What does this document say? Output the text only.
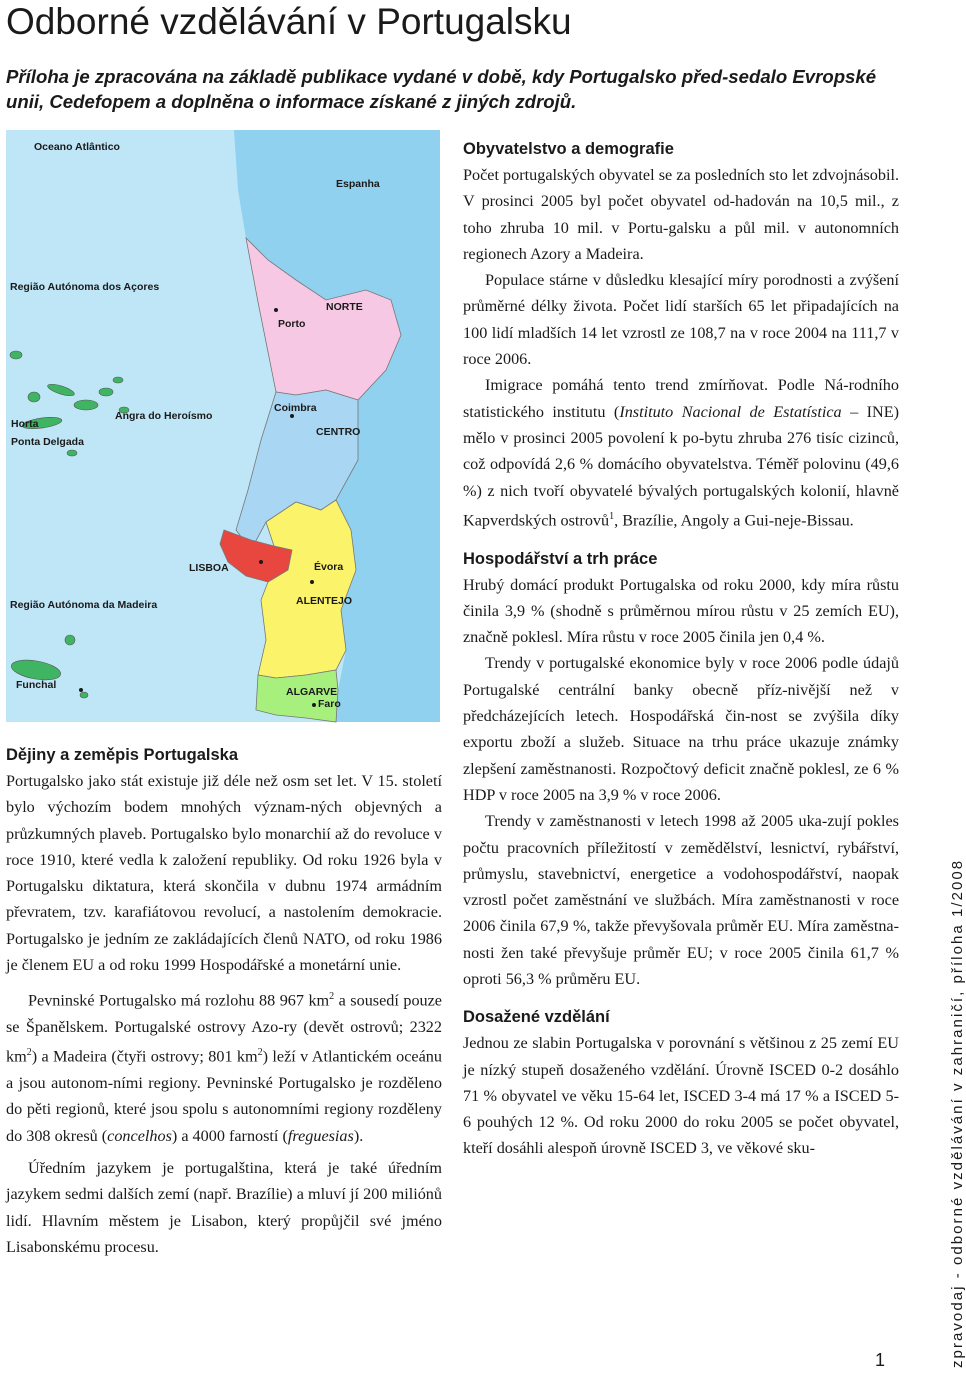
Odborné vzdělávání v Portugalsku
Příloha je zpracována na základě publikace vydané v době, kdy Portugalsko před-sedalo Evropské unii, Cedefopem a doplněna o informace získané z jiných zdrojů.
Oceano Atlântico
Espanha
Região Autónoma dos Açores
NORTE
Porto
Angra do Heroísmo
Horta
Ponta Delgada
Coimbra
CENTRO
LISBOA	Évora
ALENTEJO
Região Autónoma da Madeira
Funchal
ALGARVE
Faro
Dějiny a zeměpis Portugalska

Portugalsko jako stát existuje již déle než osm set let. V 15. století bylo výchozím bodem mnohých význam-ných objevných a průzkumných plaveb. Portugalsko bylo monarchií až do revoluce v roce 1910, které vedla k založení republiky. Od roku 1926 byla v Portugalsku diktatura, která skončila v dubnu 1974 armádním převratem, tzv. karafiátovou revolucí, a nastolením demokracie. Portugalsko je jedním ze zakládajících členů NATO, od roku 1986 je členem EU a od roku 1999 Hospodářské a monetární unie.

Pevninské Portugalsko má rozlohu 88 967 $km^2$ a sousedí pouze se Španělskem. Portugalské ostrovy Azo-ry (devět ostrovů; 2322 $km^2$) a Madeira (čtyři ostrovy; 801 $km^2$) leží v Atlantickém oceánu a jsou autonom-ními regiony. Pevninské Portugalsko je rozděleno do pěti regionů, které jsou spolu s autonomními regiony rozděleny do 308 okresů (concelhos) a 4000 farností (freguesias).

Úředním jazykem je portugalština, která je také úředním jazykem sedmi dalších zemí (např. Brazílie) a mluví jí 200 miliónů lidí. Hlavním městem je Lisabon, který propůjčil své jméno Lisabonskému procesu.

Obyvatelstvo a demografie

Počet portugalských obyvatel se za posledních sto let zdvojnásobil. V prosinci 2005 byl počet obyvatel od-hadován na 10,5 mil., z toho zhruba 10 mil. v Portu-galsku a půl mil. v autonomních regionech Azory a Madeira.

Populace stárne v důsledku klesající míry porodnosti a zvýšení průměrné délky života. Počet lidí starších 65 let připadajících na 100 lidí mladších 14 let vzrostl ze 108,7 na v roce 2004 na 111,7 v roce 2006.

Imigrace pomáhá tento trend zmírňovat. Podle Ná-rodního statistického institutu (Instituto Nacional de Estatística – INE) mělo v prosinci 2005 povolení k po-bytu zhruba 276 tisíc cizinců, což odpovídá 2,6 % domácího obyvatelstva. Téměř polovinu (49,6 %) z nich tvoří obyvatelé bývalých portugalských kolonií, hlavně Kapverdských ostrovů$^1$, Brazílie, Angoly a Gui-neje-Bissau.

Hospodářství a trh práce

Hrubý domácí produkt Portugalska od roku 2000, kdy míra růstu činila 3,9 % (shodně s průměrnou mírou růstu v 25 zemích EU), značně poklesl. Míra růstu v roce 2005 činila jen 0,4 %.

Trendy v portugalské ekonomice byly v roce 2006 podle údajů Portugalské centrální banky obecně příz-nivější než v předcházejících letech. Hospodářská čin-nost se zvýšila díky exportu zboží a služeb. Situace na trhu práce ukazuje známky zlepšení zaměstnanosti. Rozpočtový deficit značně poklesl, ze 6 % HDP v roce 2005 na 3,9 % v roce 2006.

Trendy v zaměstnanosti v letech 1998 až 2005 uka-zují pokles počtu pracovních příležitostí v zemědělství, lesnictví, rybářství, průmyslu, stavebnictví, energetice a vodohospodářství, naopak vzrostl počet zaměstnání ve službách. Míra zaměstnanosti v roce 2006 činila 67,9 %, takže převyšovala průměr EU. Míra zaměstna-nosti žen také převyšuje průměr EU; v roce 2005 činila 61,7 % oproti 56,3 % průměru EU.

Dosažené vzdělání

Jednou ze slabin Portugalska v porovnání s většinou z 25 zemí EU je nízký stupeň dosaženého vzdělání. Úrovně ISCED 0-2 dosáhlo 71 % obyvatel ve věku 15-64 let, ISCED 3-4 má 17 % a ISCED 5-6 pouhých 12 %. Od roku 2000 do roku 2005 se počet obyvatel, kteří dosáhli alespoň úrovně ISCED 3, ve věkové sku-

1	zpravodaj - odborné vzdělávání v zahraničí, příloha 1/2008
